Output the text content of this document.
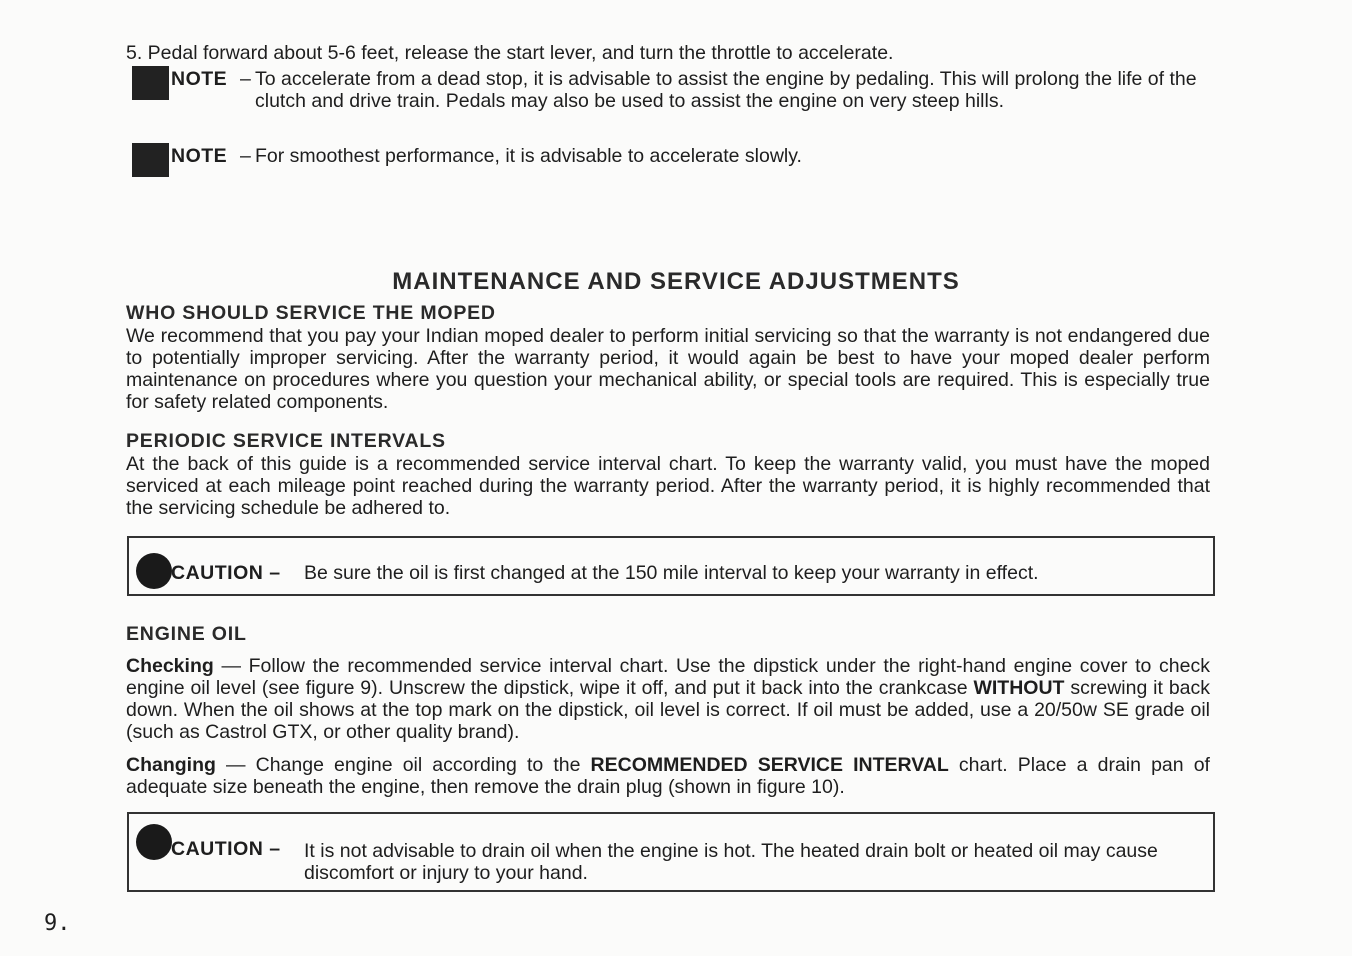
5. Pedal forward about 5-6 feet, release the start lever, and turn the throttle to accelerate.
NOTE – To accelerate from a dead stop, it is advisable to assist the engine by pedaling. This will prolong the life of the clutch and drive train. Pedals may also be used to assist the engine on very steep hills.
NOTE – For smoothest performance, it is advisable to accelerate slowly.
MAINTENANCE AND SERVICE ADJUSTMENTS
WHO SHOULD SERVICE THE MOPED
We recommend that you pay your Indian moped dealer to perform initial servicing so that the warranty is not endangered due to potentially improper servicing. After the warranty period, it would again be best to have your moped dealer perform maintenance on procedures where you question your mechanical ability, or special tools are required. This is especially true for safety related components.
PERIODIC SERVICE INTERVALS
At the back of this guide is a recommended service interval chart. To keep the warranty valid, you must have the moped serviced at each mileage point reached during the warranty period. After the warranty period, it is highly recommended that the servicing schedule be adhered to.
CAUTION – Be sure the oil is first changed at the 150 mile interval to keep your warranty in effect.
ENGINE OIL
Checking — Follow the recommended service interval chart. Use the dipstick under the right-hand engine cover to check engine oil level (see figure 9). Unscrew the dipstick, wipe it off, and put it back into the crankcase WITHOUT screwing it back down. When the oil shows at the top mark on the dipstick, oil level is correct. If oil must be added, use a 20/50w SE grade oil (such as Castrol GTX, or other quality brand).
Changing — Change engine oil according to the RECOMMENDED SERVICE INTERVAL chart. Place a drain pan of adequate size beneath the engine, then remove the drain plug (shown in figure 10).
CAUTION – It is not advisable to drain oil when the engine is hot. The heated drain bolt or heated oil may cause discomfort or injury to your hand.
9.
